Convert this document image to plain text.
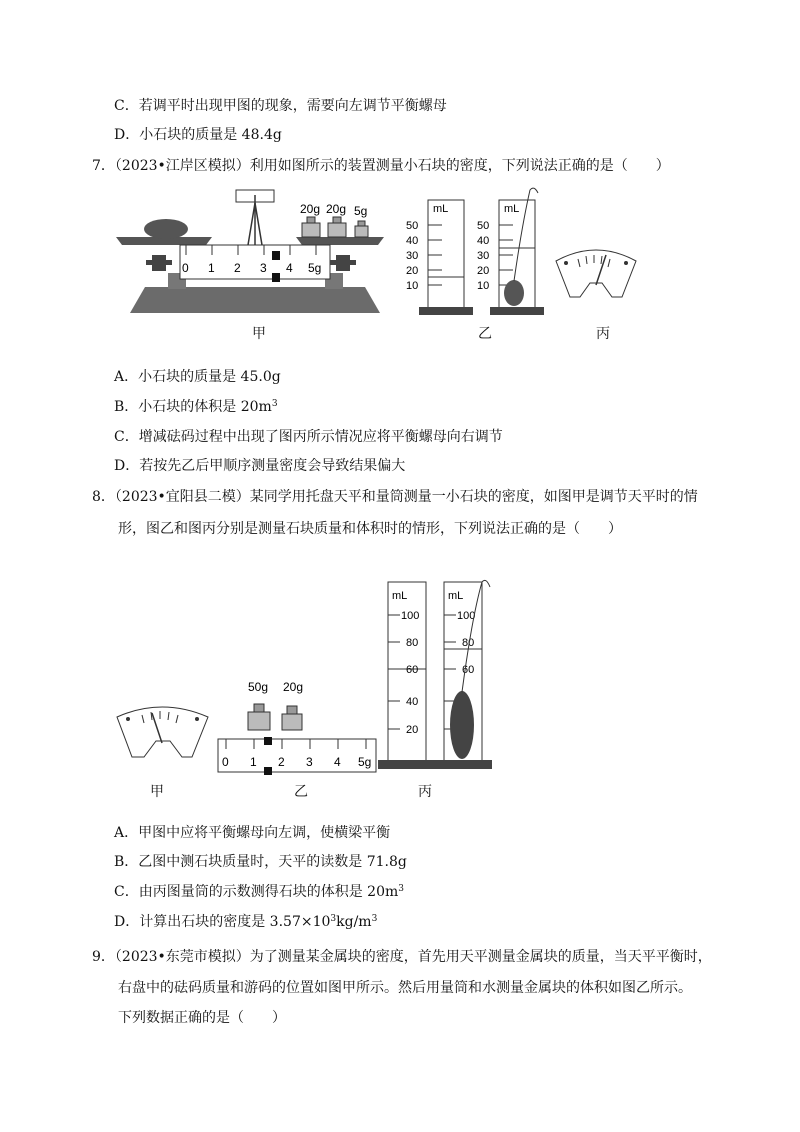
C．若调平时出现甲图的现象，需要向左调节平衡螺母
D．小石块的质量是 48.4g
7．（2023•江岸区模拟）利用如图所示的装置测量小石块的密度，下列说法正确的是（　　）
20g 20g 5g
0 1 2 3 4 5g
mL
50
40
30
20
10
mL
50
40
30
20
10
甲	乙	丙
A．小石块的质量是 45.0g
B．小石块的体积是 $20m^3$
C．增减砝码过程中出现了图丙所示情况应将平衡螺母向右调节
D．若按先乙后甲顺序测量密度会导致结果偏大
8．（2023•宜阳县二模）某同学用托盘天平和量筒测量一小石块的密度，如图甲是调节天平时的情
形，图乙和图丙分别是测量石块质量和体积时的情形，下列说法正确的是（　　）
50g 20g
0 1 2 3 4 5g
mL
100
80
60
40
20
mL
100
80
60
甲	乙	丙
A．甲图中应将平衡螺母向左调，使横梁平衡
B．乙图中测石块质量时，天平的读数是 71.8g
C．由丙图量筒的示数测得石块的体积是 $20m^3$
D．计算出石块的密度是 $3.57\times 10^3kg/m^3$
9．（2023•东莞市模拟）为了测量某金属块的密度，首先用天平测量金属块的质量，当天平平衡时，
右盘中的砝码质量和游码的位置如图甲所示。然后用量筒和水测量金属块的体积如图乙所示。
下列数据正确的是（　　）
